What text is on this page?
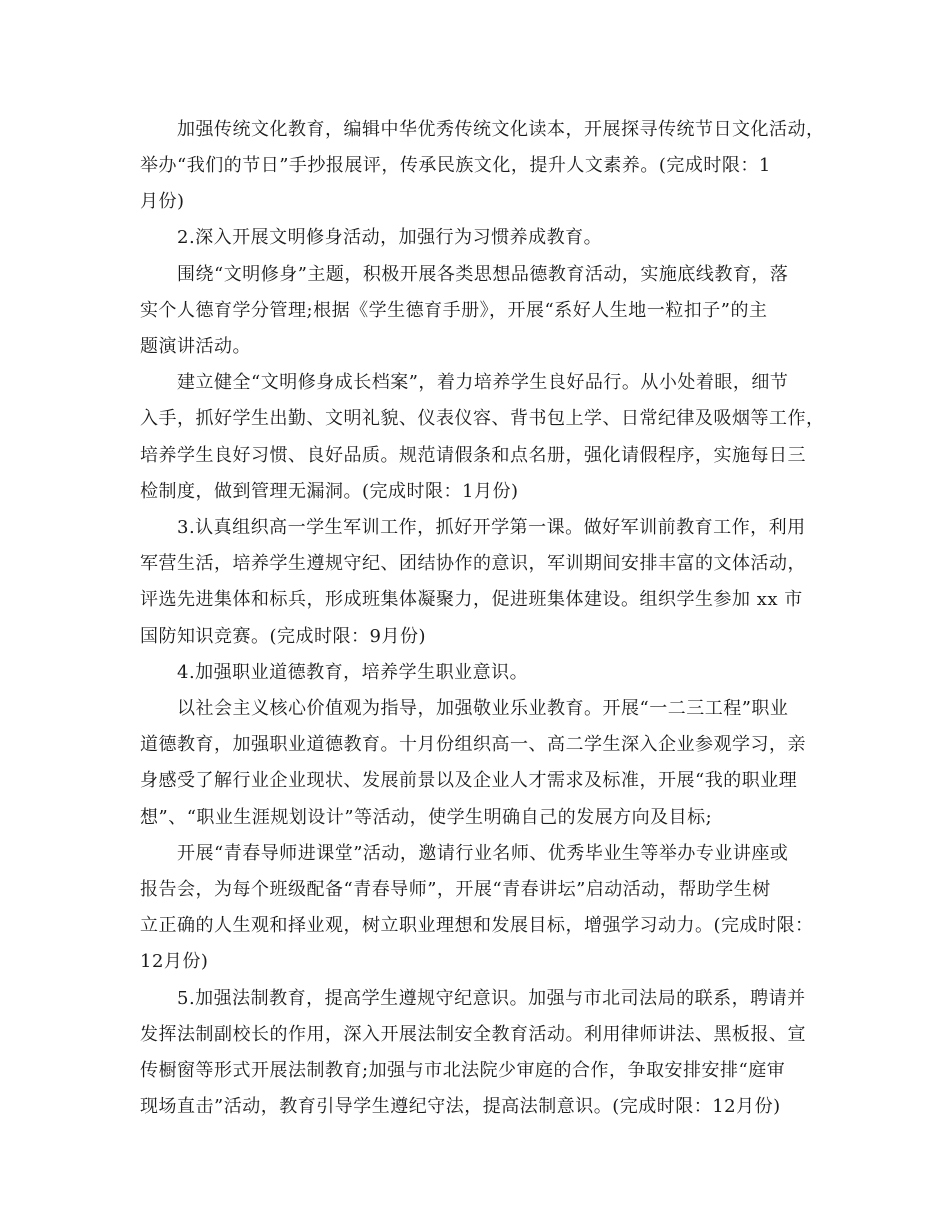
加强传统文化教育，编辑中华优秀传统文化读本，开展探寻传统节日文化活动，
举办“我们的节日”手抄报展评，传承民族文化，提升人文素养。(完成时限：1
月份)
2.深入开展文明修身活动，加强行为习惯养成教育。
围绕“文明修身”主题，积极开展各类思想品德教育活动，实施底线教育，落
实个人德育学分管理;根据《学生德育手册》，开展“系好人生地一粒扣子”的主
题演讲活动。
建立健全“文明修身成长档案”，着力培养学生良好品行。从小处着眼，细节
入手，抓好学生出勤、文明礼貌、仪表仪容、背书包上学、日常纪律及吸烟等工作，
培养学生良好习惯、良好品质。规范请假条和点名册，强化请假程序，实施每日三
检制度，做到管理无漏洞。(完成时限：1月份)
3.认真组织高一学生军训工作，抓好开学第一课。做好军训前教育工作，利用
军营生活，培养学生遵规守纪、团结协作的意识，军训期间安排丰富的文体活动，
评选先进集体和标兵，形成班集体凝聚力，促进班集体建设。组织学生参加 xx 市
国防知识竞赛。(完成时限：9月份)
4.加强职业道德教育，培养学生职业意识。
以社会主义核心价值观为指导，加强敬业乐业教育。开展“一二三工程”职业
道德教育，加强职业道德教育。十月份组织高一、高二学生深入企业参观学习，亲
身感受了解行业企业现状、发展前景以及企业人才需求及标准，开展“我的职业理
想”、“职业生涯规划设计”等活动，使学生明确自己的发展方向及目标;
开展“青春导师进课堂”活动，邀请行业名师、优秀毕业生等举办专业讲座或
报告会，为每个班级配备“青春导师”，开展“青春讲坛”启动活动，帮助学生树
立正确的人生观和择业观，树立职业理想和发展目标，增强学习动力。(完成时限：
12月份)
5.加强法制教育，提高学生遵规守纪意识。加强与市北司法局的联系，聘请并
发挥法制副校长的作用，深入开展法制安全教育活动。利用律师讲法、黑板报、宣
传橱窗等形式开展法制教育;加强与市北法院少审庭的合作，争取安排安排“庭审
现场直击”活动，教育引导学生遵纪守法，提高法制意识。(完成时限：12月份)
